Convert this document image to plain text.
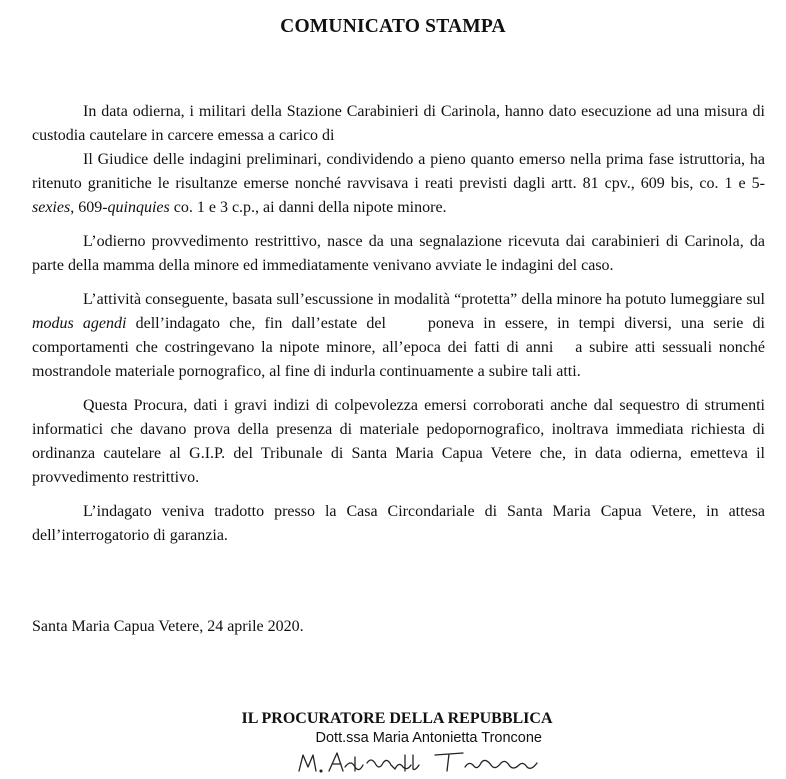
COMUNICATO STAMPA

In data odierna, i militari della Stazione Carabinieri di Carinola, hanno dato esecuzione ad una misura di custodia cautelare in carcere emessa a carico di

Il Giudice delle indagini preliminari, condividendo a pieno quanto emerso nella prima fase istruttoria, ha ritenuto granitiche le risultanze emerse nonché ravvisava i reati previsti dagli artt. 81 cpv., 609 bis, co. 1 e 5-sexies, 609-quinquies co. 1 e 3 c.p., ai danni della nipote minore.

L’odierno provvedimento restrittivo, nasce da una segnalazione ricevuta dai carabinieri di Carinola, da parte della mamma della minore ed immediatamente venivano avviate le indagini del caso.

L’attività conseguente, basata sull’escussione in modalità “protetta” della minore ha potuto lumeggiare sul modus agendi dell’indagato che, fin dall’estate del	poneva in essere, in tempi diversi, una serie di comportamenti che costringevano la nipote minore, all’epoca dei fatti di anni a subire atti sessuali nonché mostrandole materiale pornografico, al fine di indurla continuamente a subire tali atti.

Questa Procura, dati i gravi indizi di colpevolezza emersi corroborati anche dal sequestro di strumenti informatici che davano prova della presenza di materiale pedopornografico, inoltrava immediata richiesta di ordinanza cautelare al G.I.P. del Tribunale di Santa Maria Capua Vetere che, in data odierna, emetteva il provvedimento restrittivo.

L’indagato veniva tradotto presso la Casa Circondariale di Santa Maria Capua Vetere, in attesa dell’interrogatorio di garanzia.

Santa Maria Capua Vetere, 24 aprile 2020.
IL PROCURATORE DELLA REPUBBLICA
Dott.ssa Maria Antonietta Troncone
